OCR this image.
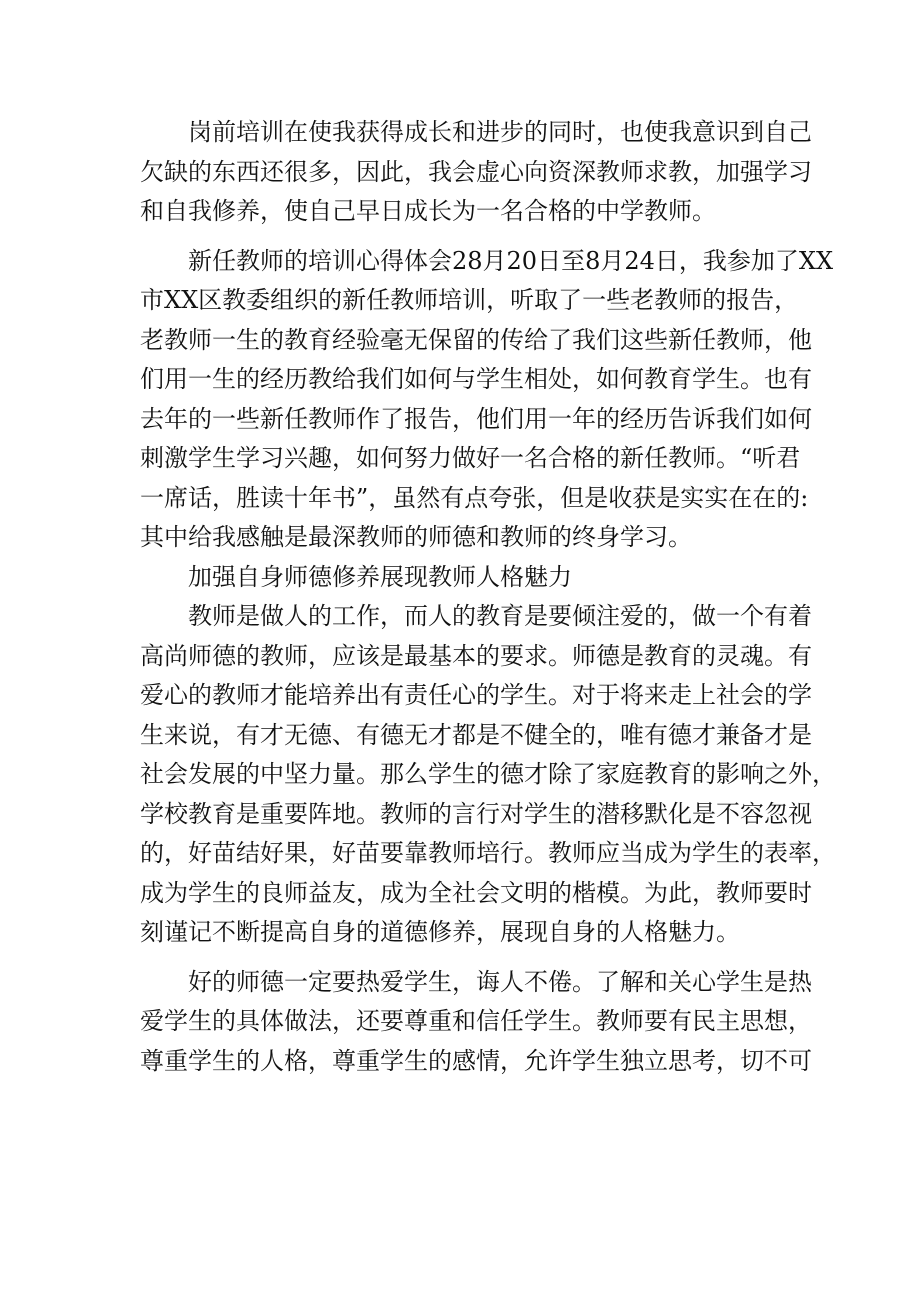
岗前培训在使我获得成长和进步的同时，也使我意识到自己
欠缺的东西还很多，因此，我会虚心向资深教师求教，加强学习
和自我修养，使自己早日成长为一名合格的中学教师。
新任教师的培训心得体会28月20日至8月24日，我参加了XX
市XX区教委组织的新任教师培训，听取了一些老教师的报告，
老教师一生的教育经验毫无保留的传给了我们这些新任教师，他
们用一生的经历教给我们如何与学生相处，如何教育学生。也有
去年的一些新任教师作了报告，他们用一年的经历告诉我们如何
刺激学生学习兴趣，如何努力做好一名合格的新任教师。“听君
一席话，胜读十年书”，虽然有点夸张，但是收获是实实在在的:
其中给我感触是最深教师的师德和教师的终身学习。
加强自身师德修养展现教师人格魅力
教师是做人的工作，而人的教育是要倾注爱的，做一个有着
高尚师德的教师，应该是最基本的要求。师德是教育的灵魂。有
爱心的教师才能培养出有责任心的学生。对于将来走上社会的学
生来说，有才无德、有德无才都是不健全的，唯有德才兼备才是
社会发展的中坚力量。那么学生的德才除了家庭教育的影响之外，
学校教育是重要阵地。教师的言行对学生的潜移默化是不容忽视
的，好苗结好果，好苗要靠教师培行。教师应当成为学生的表率，
成为学生的良师益友，成为全社会文明的楷模。为此，教师要时
刻谨记不断提高自身的道德修养，展现自身的人格魅力。
好的师德一定要热爱学生，诲人不倦。了解和关心学生是热
爱学生的具体做法，还要尊重和信任学生。教师要有民主思想，
尊重学生的人格，尊重学生的感情，允许学生独立思考，切不可
